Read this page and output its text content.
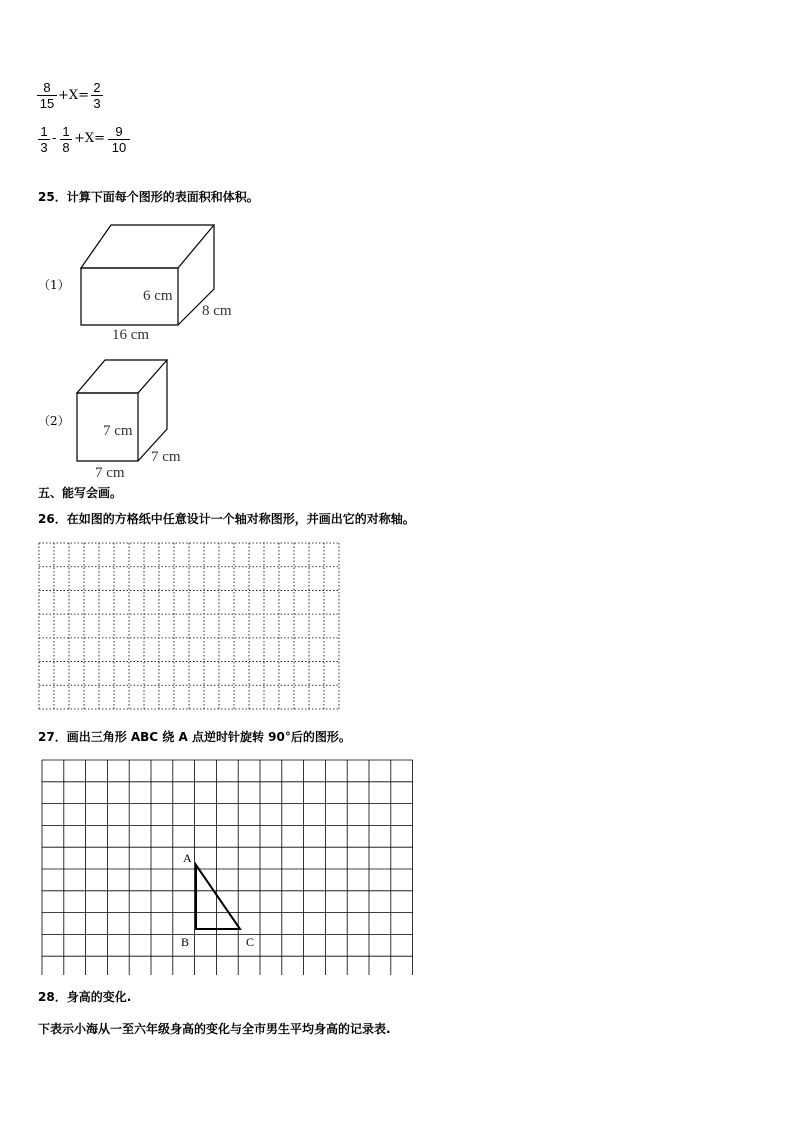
$\frac{8}{15} +X= \frac{2}{3}$
$\frac{1}{3} - \frac{1}{8} +X= \frac{9}{10}$
25．计算下面每个图形的表面积和体积。
（1）
6 cm
8 cm
16 cm
（2）
7 cm
7 cm
7 cm
五、能写会画。
26．在如图的方格纸中任意设计一个轴对称图形，并画出它的对称轴。
27．画出三角形 ABC 绕 A 点逆时针旋转 90°后的图形。
A
B	C
28．身高的变化.
下表示小海从一至六年级身高的变化与全市男生平均身高的记录表.
